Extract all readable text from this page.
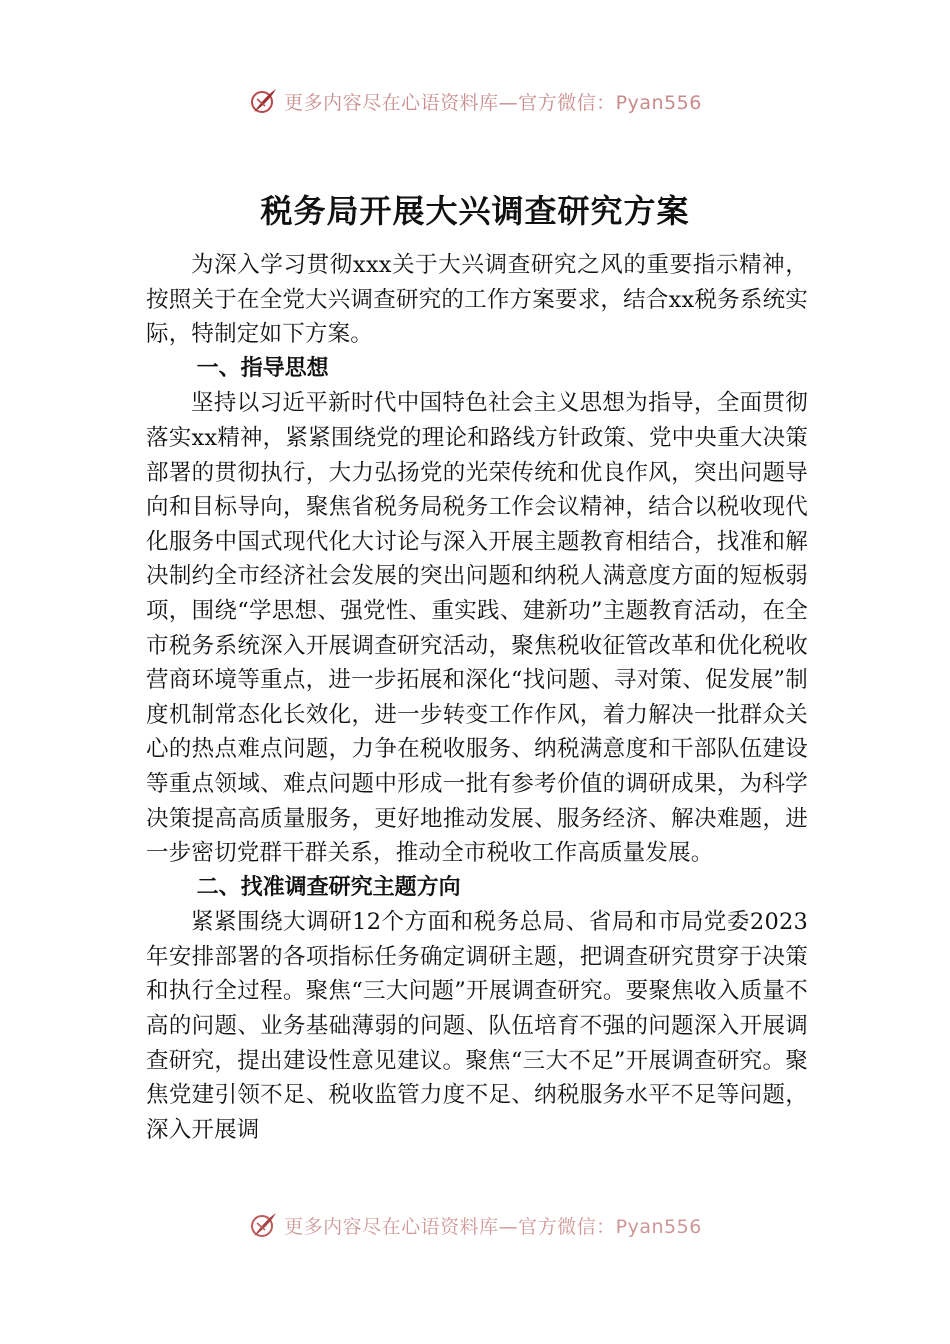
更多内容尽在心语资料库—官方微信：Pyan556
税务局开展大兴调查研究方案

为深入学习贯彻xxx关于大兴调查研究之风的重要指示精神，按照关于在全党大兴调查研究的工作方案要求，结合xx税务系统实际，特制定如下方案。

一、指导思想

坚持以习近平新时代中国特色社会主义思想为指导，全面贯彻落实xx精神，紧紧围绕党的理论和路线方针政策、党中央重大决策部署的贯彻执行，大力弘扬党的光荣传统和优良作风，突出问题导向和目标导向，聚焦省税务局税务工作会议精神，结合以税收现代化服务中国式现代化大讨论与深入开展主题教育相结合，找准和解决制约全市经济社会发展的突出问题和纳税人满意度方面的短板弱项，围绕“学思想、强党性、重实践、建新功”主题教育活动，在全市税务系统深入开展调查研究活动，聚焦税收征管改革和优化税收营商环境等重点，进一步拓展和深化“找问题、寻对策、促发展”制度机制常态化长效化，进一步转变工作作风，着力解决一批群众关心的热点难点问题，力争在税收服务、纳税满意度和干部队伍建设等重点领域、难点问题中形成一批有参考价值的调研成果，为科学决策提高高质量服务，更好地推动发展、服务经济、解决难题，进一步密切党群干群关系，推动全市税收工作高质量发展。

二、找准调查研究主题方向

紧紧围绕大调研12个方面和税务总局、省局和市局党委2023年安排部署的各项指标任务确定调研主题，把调查研究贯穿于决策和执行全过程。聚焦“三大问题”开展调查研究。要聚焦收入质量不高的问题、业务基础薄弱的问题、队伍培育不强的问题深入开展调查研究，提出建设性意见建议。聚焦“三大不足”开展调查研究。聚焦党建引领不足、税收监管力度不足、纳税服务水平不足等问题，深入开展调

更多内容尽在心语资料库—官方微信：Pyan556
